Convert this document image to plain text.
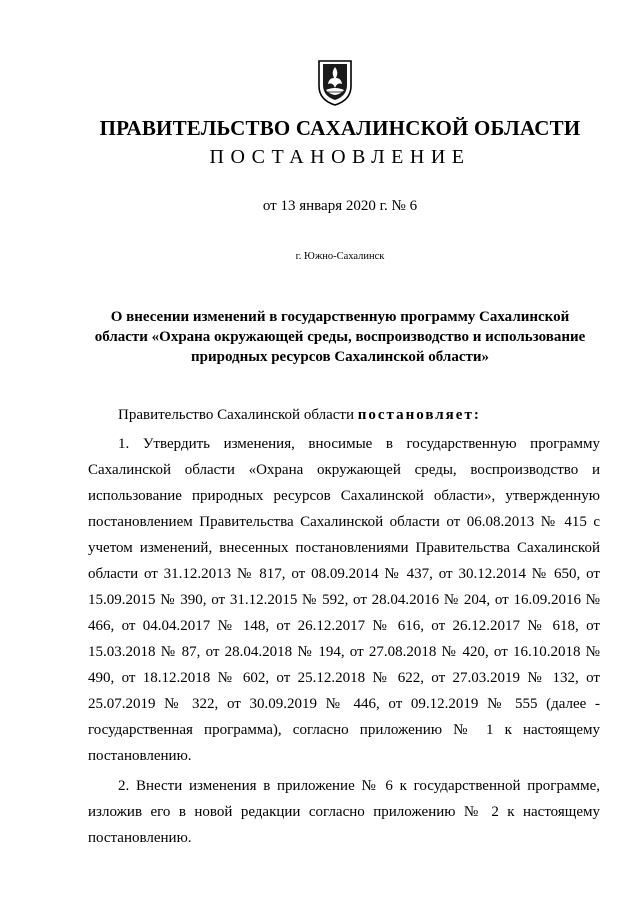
ПРАВИТЕЛЬСТВО САХАЛИНСКОЙ ОБЛАСТИ
ПОСТАНОВЛЕНИЕ
от 13 января 2020 г. № 6
г. Южно-Сахалинск
О внесении изменений в государственную программу Сахалинской области «Охрана окружающей среды, воспроизводство и использование природных ресурсов Сахалинской области»

Правительство Сахалинской области постановляет:

1. Утвердить изменения, вносимые в государственную программу Сахалинской области «Охрана окружающей среды, воспроизводство и использование природных ресурсов Сахалинской области», утвержденную постановлением Правительства Сахалинской области от 06.08.2013 № 415 с учетом изменений, внесенных постановлениями Правительства Сахалинской области от 31.12.2013 № 817, от 08.09.2014 № 437, от 30.12.2014 № 650, от 15.09.2015 № 390, от 31.12.2015 № 592, от 28.04.2016 № 204, от 16.09.2016 № 466, от 04.04.2017 № 148, от 26.12.2017 № 616, от 26.12.2017 № 618, от 15.03.2018 № 87, от 28.04.2018 № 194, от 27.08.2018 № 420, от 16.10.2018 № 490, от 18.12.2018 № 602, от 25.12.2018 № 622, от 27.03.2019 № 132, от 25.07.2019 № 322, от 30.09.2019 № 446, от 09.12.2019 № 555 (далее - государственная программа), согласно приложению № 1 к настоящему постановлению.

2. Внести изменения в приложение № 6 к государственной программе, изложив его в новой редакции согласно приложению № 2 к настоящему постановлению.
